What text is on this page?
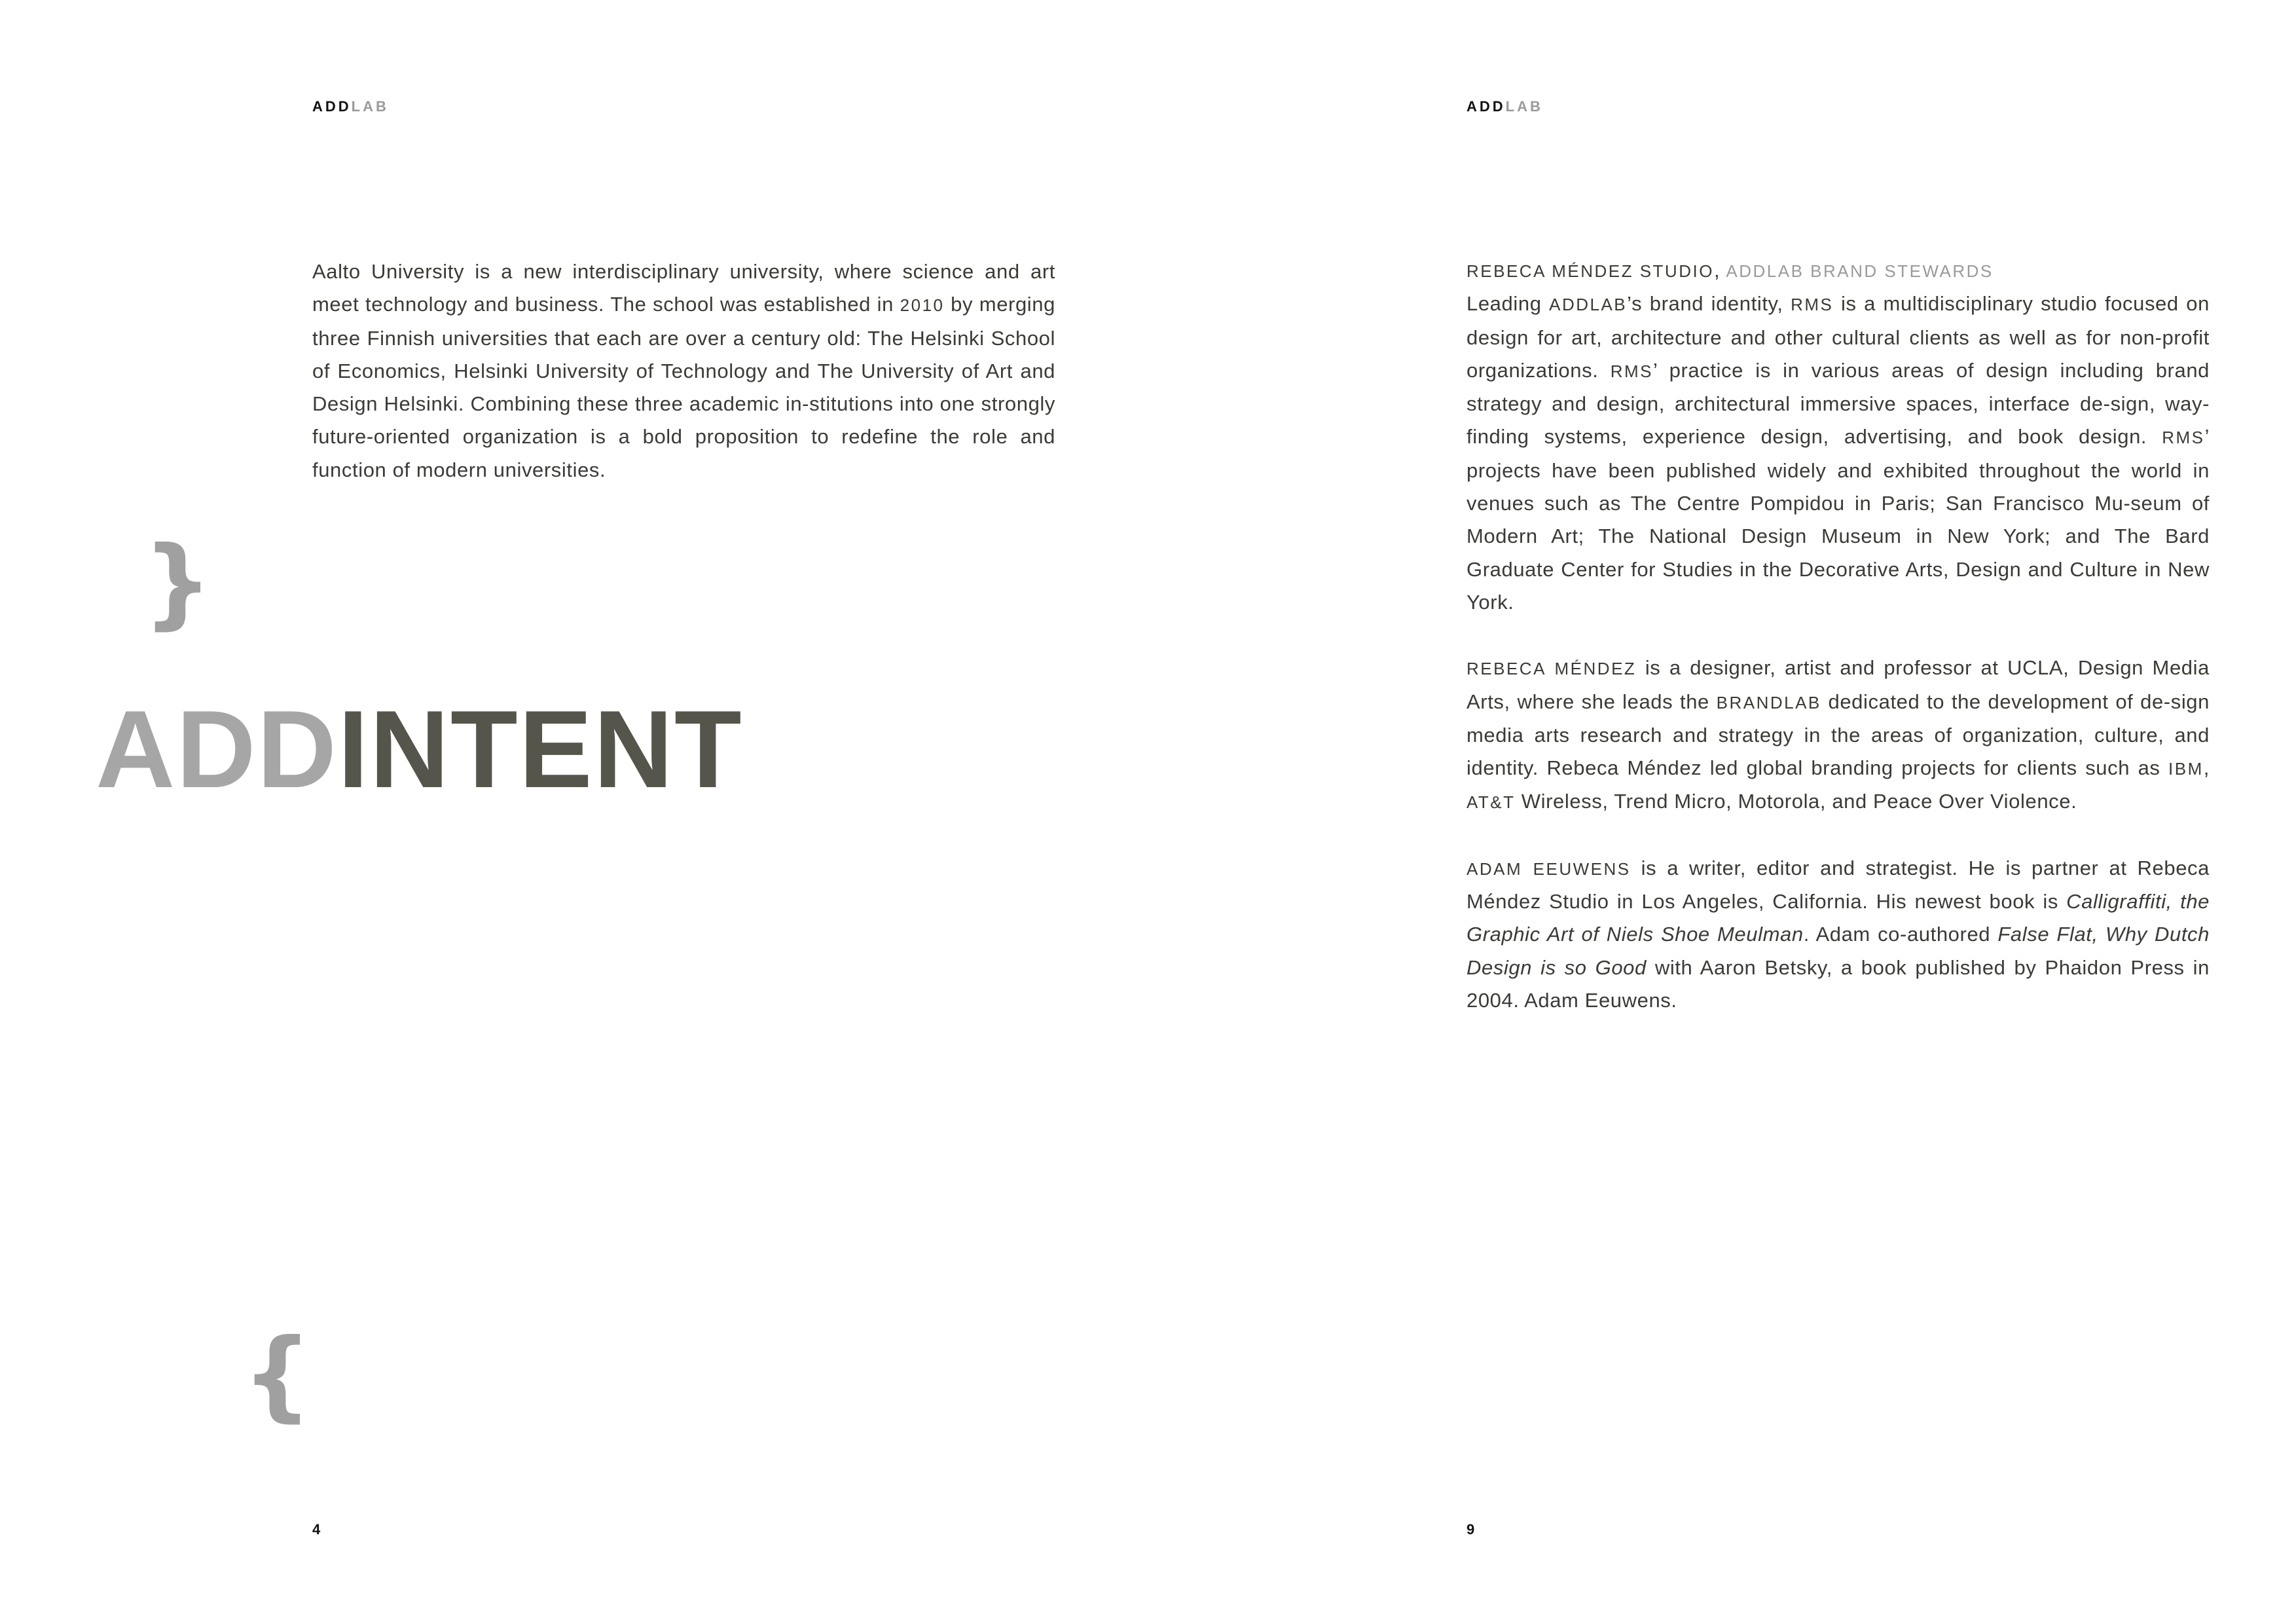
ADDLAB
Aalto University is a new interdisciplinary university, where science and art meet technology and business. The school was established in 2010 by merging three Finnish universities that each are over a century old: The Helsinki School of Economics, Helsinki University of Technology and The University of Art and Design Helsinki. Combining these three academic in-stitutions into one strongly future-oriented organization is a bold proposition to redefine the role and function of modern universities.
}
ADDINTENT
{
4
ADDLAB
REBECA MÉNDEZ STUDIO, ADDLAB BRAND STEWARDS
Leading ADDLAB’s brand identity, RMS is a multidisciplinary studio focused on design for art, architecture and other cultural clients as well as for non-profit organizations. RMS’ practice is in various areas of design including brand strategy and design, architectural immersive spaces, interface de-sign, way-finding systems, experience design, advertising, and book design. RMS’ projects have been published widely and exhibited throughout the world in venues such as The Centre Pompidou in Paris; San Francisco Mu-seum of Modern Art; The National Design Museum in New York; and The Bard Graduate Center for Studies in the Decorative Arts, Design and Culture in New York.
REBECA MÉNDEZ is a designer, artist and professor at UCLA, Design Media Arts, where she leads the BRANDLAB dedicated to the development of de-sign media arts research and strategy in the areas of organization, culture, and identity. Rebeca Méndez led global branding projects for clients such as IBM, AT&T Wireless, Trend Micro, Motorola, and Peace Over Violence.
ADAM EEUWENS is a writer, editor and strategist. He is partner at Rebeca Méndez Studio in Los Angeles, California. His newest book is Calligraffiti, the Graphic Art of Niels Shoe Meulman. Adam co-authored False Flat, Why Dutch Design is so Good with Aaron Betsky, a book published by Phaidon Press in 2004. Adam Eeuwens.
9
